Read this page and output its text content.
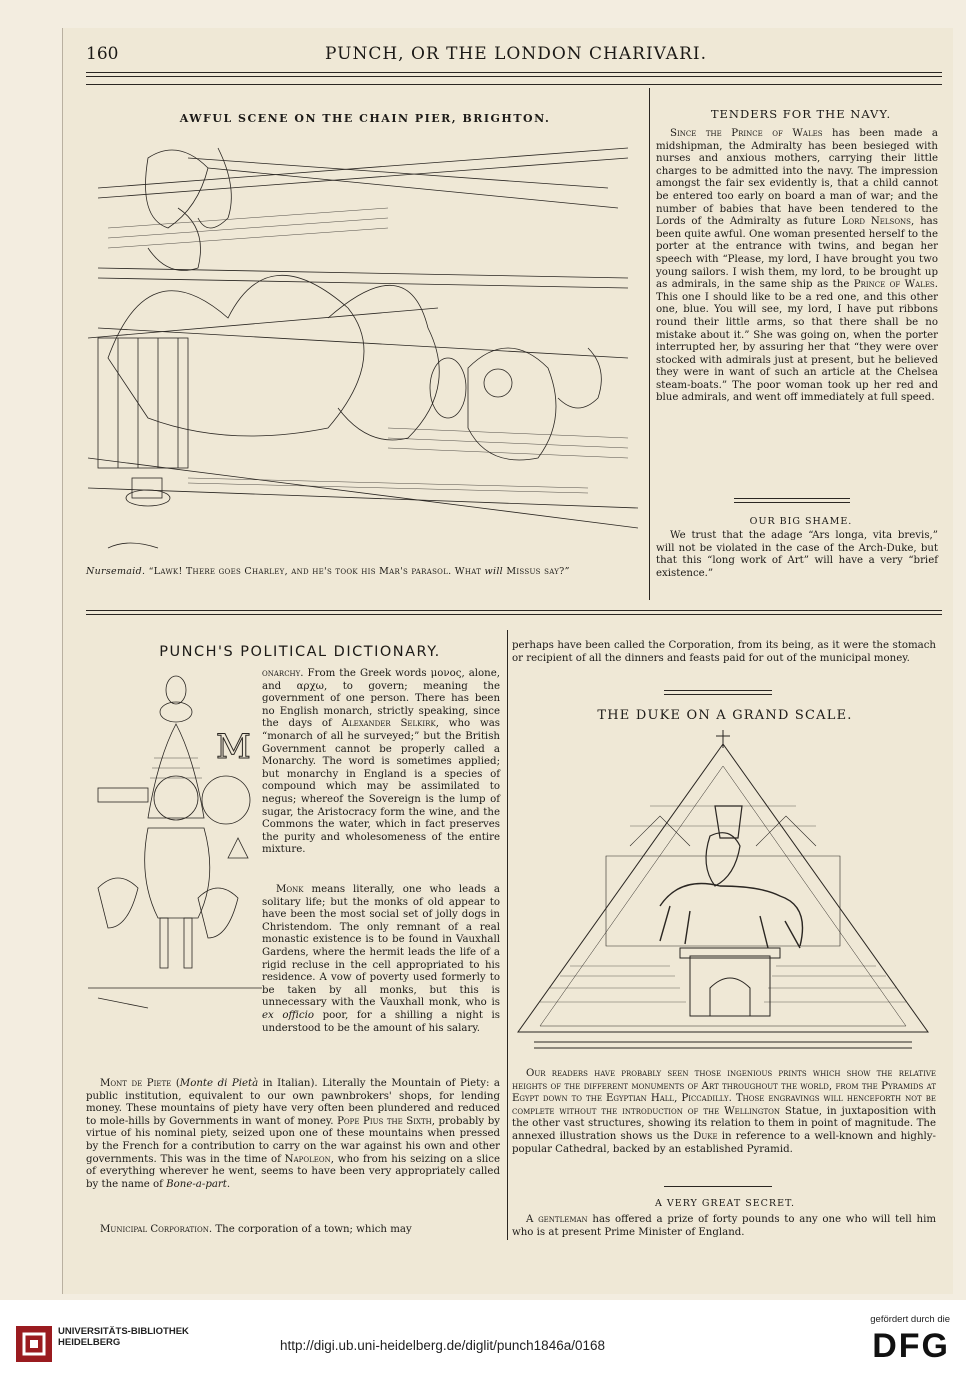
160	PUNCH, OR THE LONDON CHARIVARI.
AWFUL SCENE ON THE CHAIN PIER, BRIGHTON.
Nursemaid. “Lawk! There goes Charley, and he's took his Mar's parasol. What will Missus say?”
TENDERS FOR THE NAVY.
Since the Prince of Wales has been made a midshipman, the Admiralty has been besieged with nurses and anxious mothers, carrying their little charges to be admitted into the navy. The impression amongst the fair sex evidently is, that a child cannot be entered too early on board a man of war; and the number of babies that have been tendered to the Lords of the Admiralty as future Lord Nelsons, has been quite awful. One woman presented herself to the porter at the entrance with twins, and began her speech with “Please, my lord, I have brought you two young sailors. I wish them, my lord, to be brought up as admirals, in the same ship as the Prince of Wales. This one I should like to be a red one, and this other one, blue. You will see, my lord, I have put ribbons round their little arms, so that there shall be no mistake about it.” She was going on, when the porter interrupted her, by assuring her that “they were over stocked with admirals just at present, but he believed they were in want of such an article at the Chelsea steam-boats.” The poor woman took up her red and blue admirals, and went off immediately at full speed.
OUR BIG SHAME.
We trust that the adage “Ars longa, vita brevis,” will not be violated in the case of the Arch-Duke, but that this “long work of Art” will have a very “brief existence.”
PUNCH'S POLITICAL DICTIONARY.
M
onarchy. From the Greek words μονος, alone, and αρχω, to govern; meaning the government of one person. There has been no English monarch, strictly speaking, since the days of Alexander Selkirk, who was “monarch of all he surveyed;” but the British Government cannot be properly called a Monarchy. The word is sometimes applied; but monarchy in England is a species of compound which may be assimilated to negus; whereof the Sovereign is the lump of sugar, the Aristocracy form the wine, and the Commons the water, which in fact preserves the purity and wholesomeness of the entire mixture.
Monk means literally, one who leads a solitary life; but the monks of old appear to have been the most social set of jolly dogs in Christendom. The only remnant of a real monastic existence is to be found in Vauxhall Gardens, where the hermit leads the life of a rigid recluse in the cell appropriated to his residence. A vow of poverty used formerly to be taken by all monks, but this is unnecessary with the Vauxhall monk, who is ex officio poor, for a shilling a night is understood to be the amount of his salary.
Mont de Piete (Monte di Pietà in Italian). Literally the Mountain of Piety: a public institution, equivalent to our own pawnbrokers' shops, for lending money. These mountains of piety have very often been plundered and reduced to mole-hills by Governments in want of money. Pope Pius the Sixth, probably by virtue of his nominal piety, seized upon one of these mountains when pressed by the French for a contribution to carry on the war against his own and other governments. This was in the time of Napoleon, who from his seizing on a slice of everything wherever he went, seems to have been very appropriately called by the name of Bone-a-part.
Municipal Corporation. The corporation of a town; which may
perhaps have been called the Corporation, from its being, as it were the stomach or recipient of all the dinners and feasts paid for out of the municipal money.
THE DUKE ON A GRAND SCALE.
Our readers have probably seen those ingenious prints which show the relative heights of the different monuments of Art throughout the world, from the Pyramids at Egypt down to the Egyptian Hall, Piccadilly. Those engravings will henceforth not be complete without the introduction of the Wellington Statue, in juxtaposition with the other vast structures, showing its relation to them in point of magnitude. The annexed illustration shows us the Duke in reference to a well-known and highly-popular Cathedral, backed by an established Pyramid.
A VERY GREAT SECRET.
A gentleman has offered a prize of forty pounds to any one who will tell him who is at present Prime Minister of England.
UNIVERSITÄTS-BIBLIOTHEK HEIDELBERG	http://digi.ub.uni-heidelberg.de/diglit/punch1846a/0168
gefördert durch die
DFG
